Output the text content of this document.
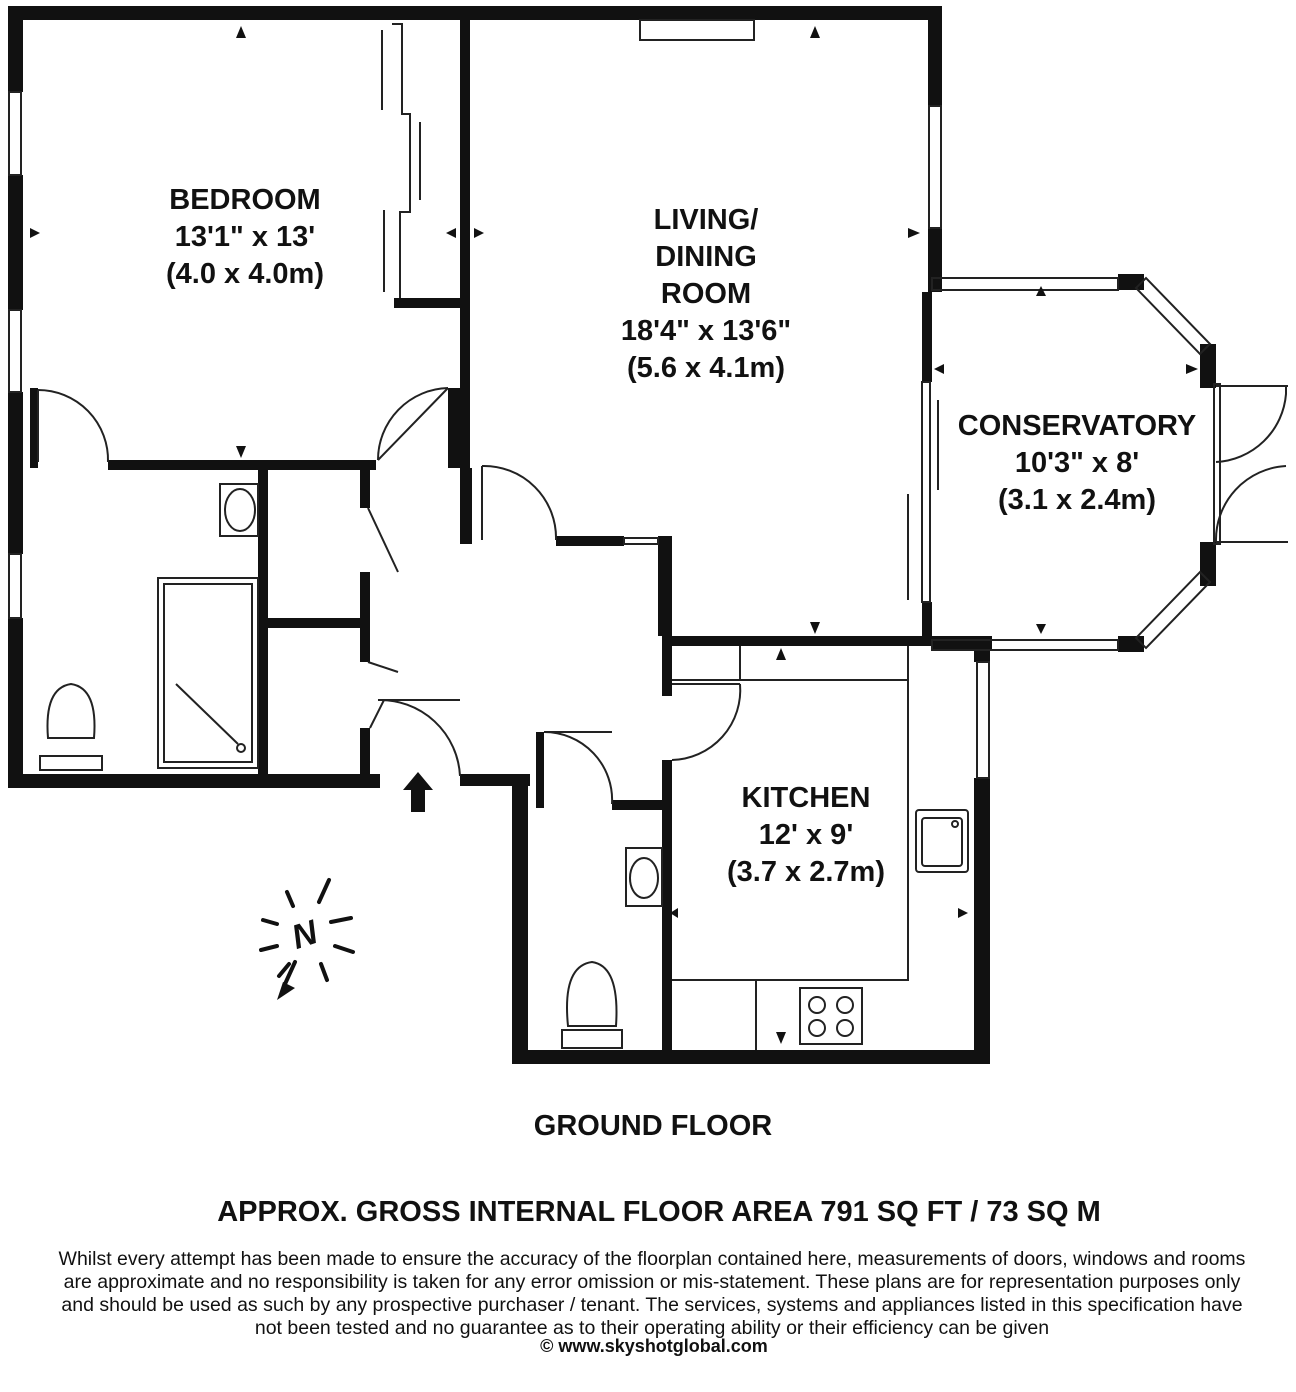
N
BEDROOM
13'1" x 13'
(4.0 x 4.0m)
LIVING/
DINING
ROOM
18'4" x 13'6"
(5.6 x 4.1m)
CONSERVATORY
10'3" x 8'
(3.1 x 2.4m)
KITCHEN
12' x 9'
(3.7 x 2.7m)
GROUND FLOOR
APPROX. GROSS INTERNAL FLOOR AREA 791 SQ FT / 73 SQ M
Whilst every attempt has been made to ensure the accuracy of the floorplan contained here, measurements of doors, windows and rooms are approximate and no responsibility is taken for any error omission or mis-statement. These plans are for representation purposes only and should be used as such by any prospective purchaser / tenant. The services, systems and appliances listed in this specification have not been tested and no guarantee as to their operating ability or their efficiency can be given
© www.skyshotglobal.com
